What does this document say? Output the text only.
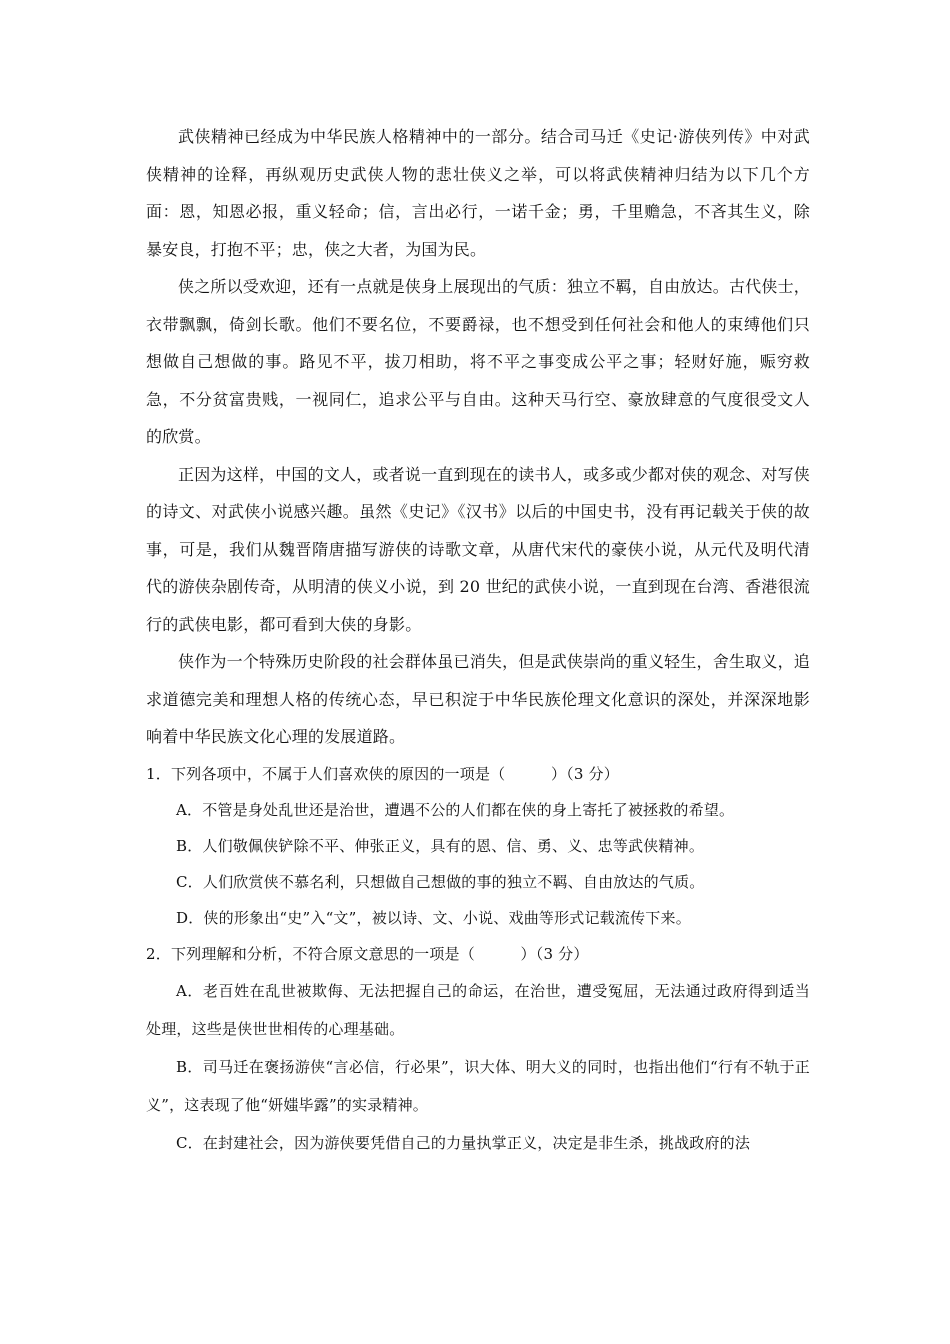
武侠精神已经成为中华民族人格精神中的一部分。结合司马迁《史记·游侠列传》中对武侠精神的诠释，再纵观历史武侠人物的悲壮侠义之举，可以将武侠精神归结为以下几个方面：恩，知恩必报，重义轻命；信，言出必行，一诺千金；勇，千里赡急，不吝其生义，除暴安良，打抱不平；忠，侠之大者，为国为民。

侠之所以受欢迎，还有一点就是侠身上展现出的气质：独立不羁，自由放达。古代侠士，衣带飘飘，倚剑长歌。他们不要名位，不要爵禄，也不想受到任何社会和他人的束缚他们只想做自己想做的事。路见不平，拔刀相助，将不平之事变成公平之事；轻财好施，赈穷救急，不分贫富贵贱，一视同仁，追求公平与自由。这种天马行空、豪放肆意的气度很受文人的欣赏。

正因为这样，中国的文人，或者说一直到现在的读书人，或多或少都对侠的观念、对写侠的诗文、对武侠小说感兴趣。虽然《史记》《汉书》以后的中国史书，没有再记载关于侠的故事，可是，我们从魏晋隋唐描写游侠的诗歌文章，从唐代宋代的豪侠小说，从元代及明代清代的游侠杂剧传奇，从明清的侠义小说，到 20 世纪的武侠小说，一直到现在台湾、香港很流行的武侠电影，都可看到大侠的身影。

侠作为一个特殊历史阶段的社会群体虽已消失，但是武侠崇尚的重义轻生，舍生取义，追求道德完美和理想人格的传统心态，早已积淀于中华民族伦理文化意识的深处，并深深地影响着中华民族文化心理的发展道路。

1．下列各项中，不属于人们喜欢侠的原因的一项是（　　　）（3 分）

A．不管是身处乱世还是治世，遭遇不公的人们都在侠的身上寄托了被拯救的希望。

B．人们敬佩侠铲除不平、伸张正义，具有的恩、信、勇、义、忠等武侠精神。

C．人们欣赏侠不慕名利，只想做自己想做的事的独立不羁、自由放达的气质。

D．侠的形象出“史”入“文”，被以诗、文、小说、戏曲等形式记载流传下来。

2．下列理解和分析，不符合原文意思的一项是（　　　）（3 分）

A．老百姓在乱世被欺侮、无法把握自己的命运，在治世，遭受冤屈，无法通过政府得到适当处理，这些是侠世世相传的心理基础。

B．司马迁在褒扬游侠“言必信，行必果”，识大体、明大义的同时，也指出他们“行有不轨于正义”，这表现了他“妍媸毕露”的实录精神。

C．在封建社会，因为游侠要凭借自己的力量执掌正义，决定是非生杀，挑战政府的法
